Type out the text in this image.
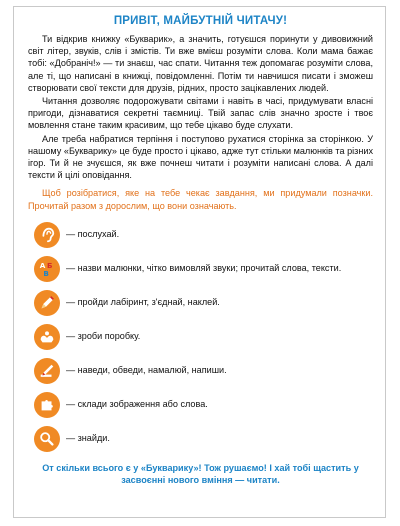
ПРИВІТ, МАЙБУТНІЙ ЧИТАЧУ!

Ти відкрив книжку «Букварик», а значить, готуєшся поринути у дивовижний світ літер, звуків, слів і змістів. Ти вже вмієш розуміти слова. Коли мама бажає тобі: «Добраніч!» — ти знаєш, час спати. Читання теж допомагає розуміти слова, але ті, що написані в книжці, повідомленні. Потім ти навчишся писати і зможеш створювати свої тексти для друзів, рідних, просто зацікавлених людей.

Читання дозволяє подорожувати світами і навіть в часі, придумувати власні пригоди, дізнаватися секретні таємниці. Твій запас слів значно зросте і твоє мовлення стане таким красивим, що тебе цікаво буде слухати.

Але треба набратися терпіння і поступово рухатися сторінка за сторінкою. У нашому «Букварику» це буде просто і цікаво, адже тут стільки малюнків та різних ігор. Ти й не зчуєшся, як вже почнеш читати і розуміти написані слова. А далі тексти й цілі оповідання.

Щоб розібратися, яке на тебе чекає завдання, ми придумали позначки. Прочитай разом з дорослим, що вони означають.

— послухай.
A Б
В
— назви малюнки, чітко вимовляй звуки; прочитай слова, тексти.
— пройди лабіринт, з'єднай, наклей.
— зроби поробку.
— наведи, обведи, намалюй, напиши.
— склади зображення або слова.
— знайди.
От скільки всього є у «Букварику»! Тож рушаємо! І хай тобі щастить у засвоєнні нового вміння — читати.
